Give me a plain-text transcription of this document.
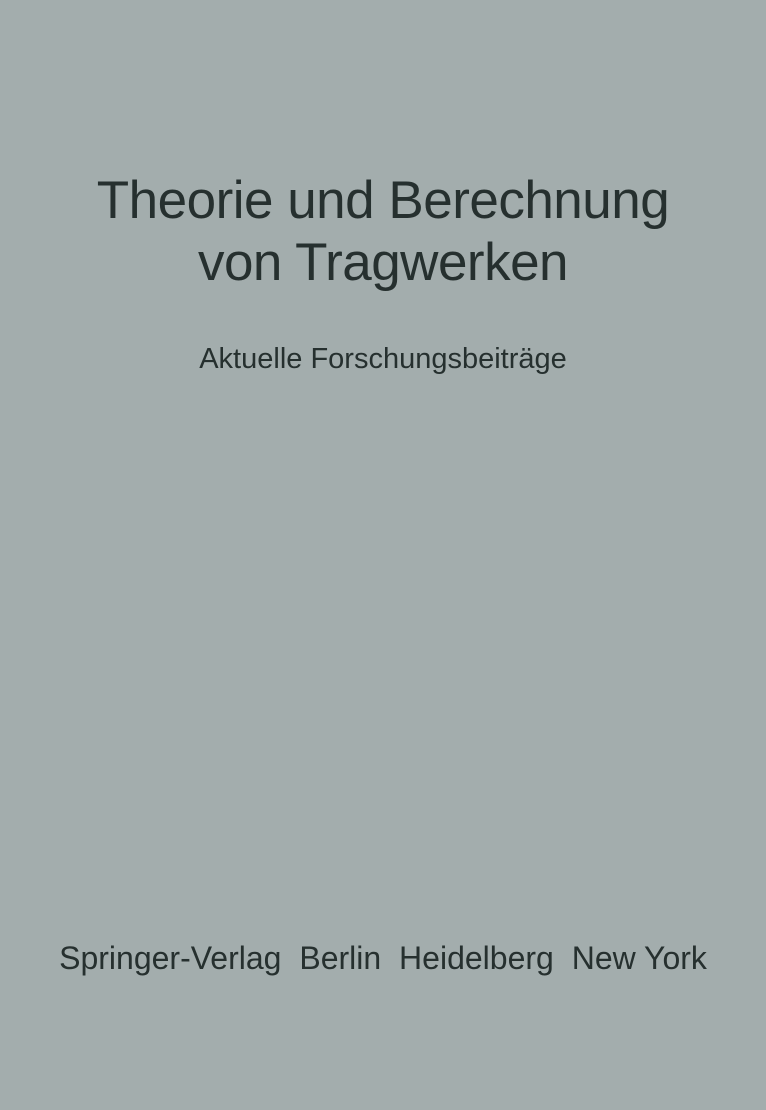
Theorie und Berechnung
von Tragwerken
Aktuelle Forschungsbeiträge
Springer-Verlag Berlin Heidelberg New York
